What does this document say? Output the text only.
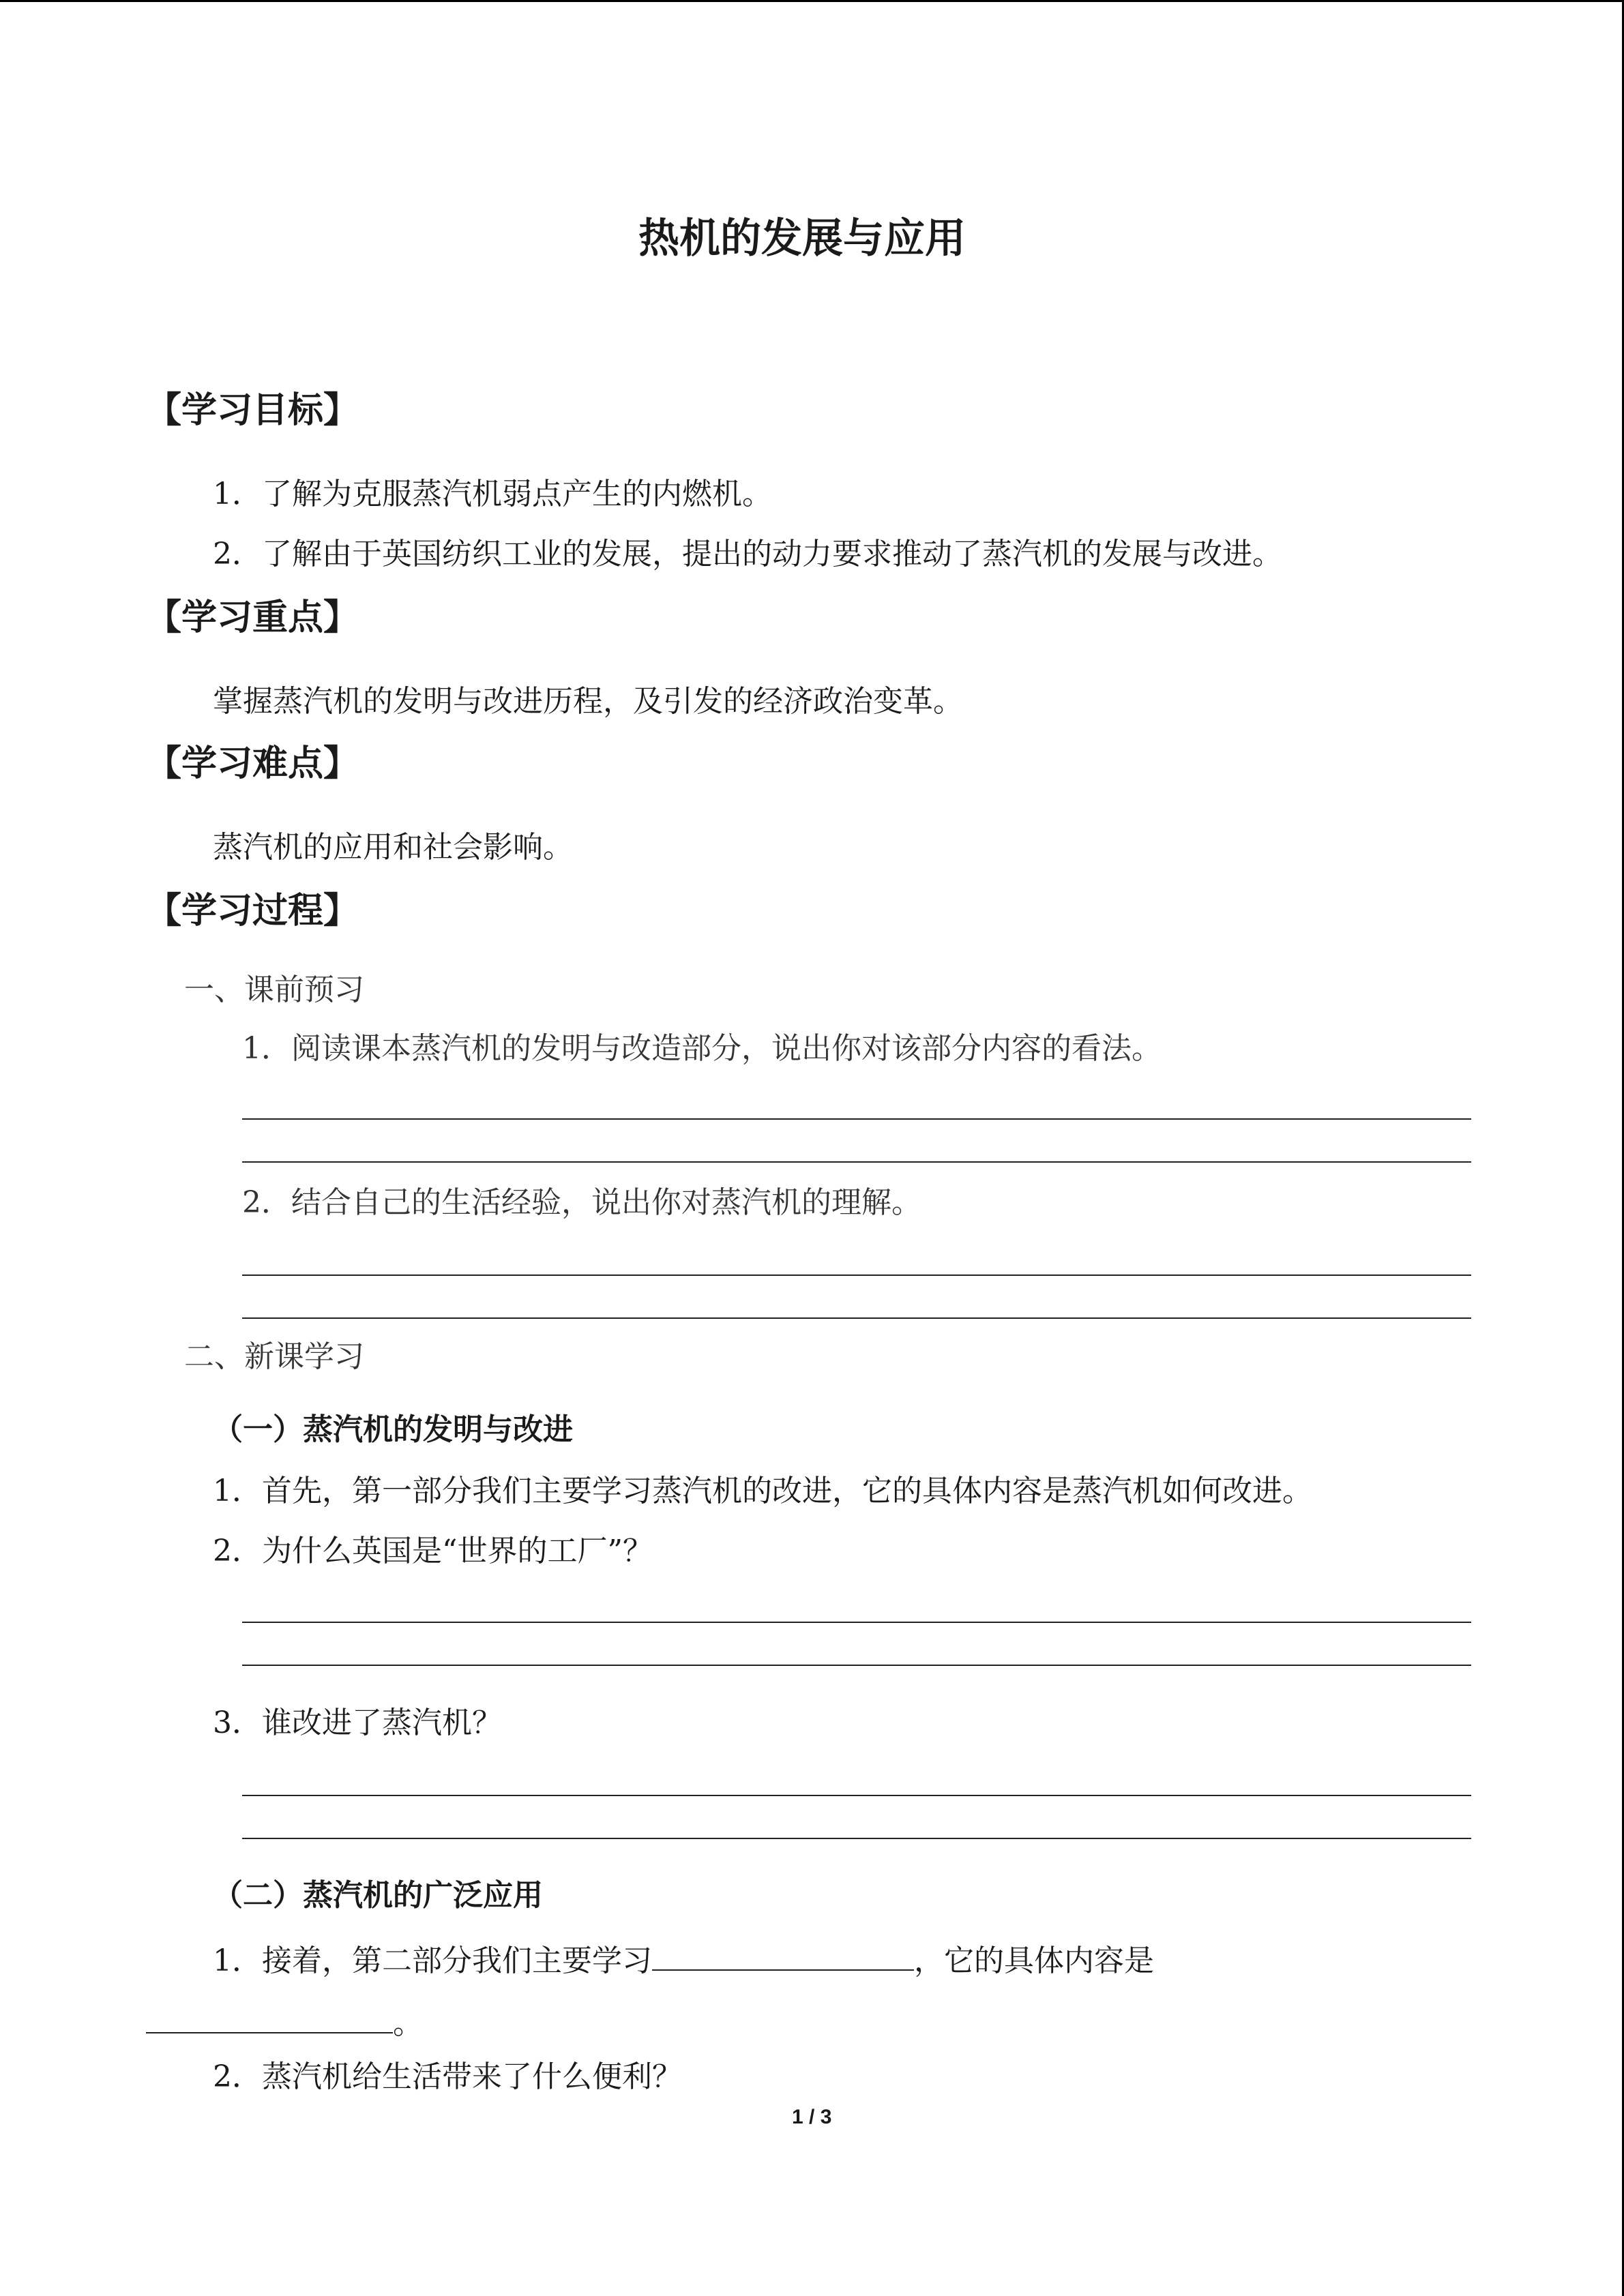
热机的发展与应用
【学习目标】
1．了解为克服蒸汽机弱点产生的内燃机。
2．了解由于英国纺织工业的发展，提出的动力要求推动了蒸汽机的发展与改进。
【学习重点】
掌握蒸汽机的发明与改进历程，及引发的经济政治变革。
【学习难点】
蒸汽机的应用和社会影响。
【学习过程】
一、课前预习
1．阅读课本蒸汽机的发明与改造部分，说出你对该部分内容的看法。
2．结合自己的生活经验，说出你对蒸汽机的理解。
二、新课学习
（一）蒸汽机的发明与改进
1．首先，第一部分我们主要学习蒸汽机的改进，它的具体内容是蒸汽机如何改进。
2．为什么英国是“世界的工厂”？
3．谁改进了蒸汽机？
（二）蒸汽机的广泛应用
1．接着，第二部分我们主要学习	，它的具体内容是
。
2．蒸汽机给生活带来了什么便利？
1 / 3
